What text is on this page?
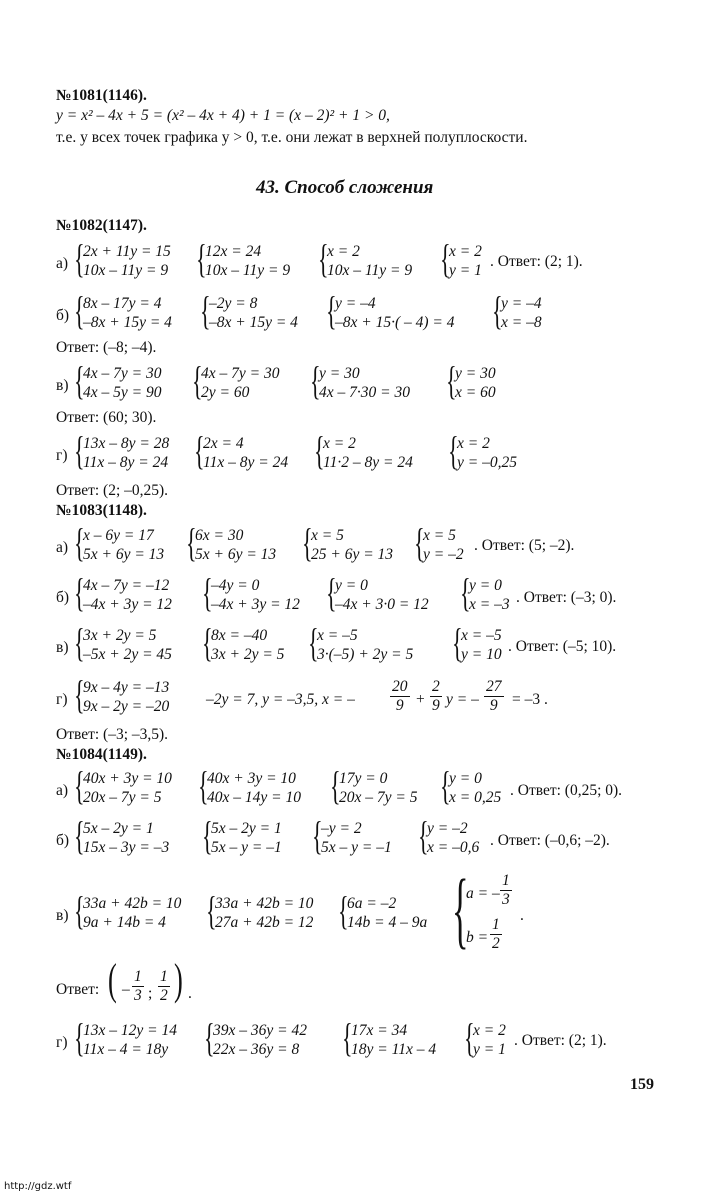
№1081(1146).
y = x² – 4x + 5 = (x² – 4x + 4) + 1 = (x – 2)² + 1 > 0,
т.е. у всех точек графика y > 0, т.е. они лежат в верхней полуплоскости.
43. Способ сложения
№1082(1147).
а) {
2x + 11y = 15
10x – 11y = 9 {
12x = 24
10x – 11y = 9 {
x = 2
10x – 11y = 9 {
x = 2
y = 1
. Ответ: (2; 1).
б) {
8x – 17y = 4
–8x + 15y = 4 {
–2y = 8
–8x + 15y = 4 {
y = –4
–8x + 15·( – 4) = 4 {
y = –4
x = –8
Ответ: (–8; –4).
в) {
4x – 7y = 30
4x – 5y = 90 {
4x – 7y = 30
2y = 60	{
y = 30
4x – 7·30 = 30 {
y = 30
x = 60
Ответ: (60; 30).
г) {
13x – 8y = 28
11x – 8y = 24 {
2x = 4
11x – 8y = 24 {
x = 2
11·2 – 8y = 24 {
x = 2
y = –0,25
Ответ: (2; –0,25).
№1083(1148).
а) {
x – 6y = 17
5x + 6y = 13 {
6x = 30
5x + 6y = 13 {
x = 5
25 + 6y = 13 {
x = 5
y = –2
. Ответ: (5; –2).
б) {
4x – 7y = –12
–4x + 3y = 12 {
–4y = 0
–4x + 3y = 12 {
y = 0
–4x + 3·0 = 12 {
y = 0
x = –3 . Ответ: (–3; 0).
в) {
3x + 2y = 5
–5x + 2y = 45 {
8x = –40
3x + 2y = 5 {
x = –5
3·(–5) + 2y = 5 {
x = –5
y = 10 . Ответ: (–5; 10).
г) {
9x – 4y = –13
9x – 2y = –20 –2y = 7, y = –3,5, x = – $\frac{20}{9} + \frac{2}{9}$ y = – $\frac{27}{9} = -3$ .
Ответ: (–3; –3,5).
№1084(1149).
а) {
40x + 3y = 10
20x – 7y = 5 {
40x + 3y = 10
40x – 14y = 10 {
17y = 0
20x – 7y = 5 {
y = 0
x = 0,25 . Ответ: (0,25; 0).
б) {
5x – 2y = 1
15x – 3y = –3 {
5x – 2y = 1
5x – y = –1 {
–y = 2
5x – y = –1 {
y = –2
x = –0,6 . Ответ: (–0,6; –2).
в) {
33a + 42b = 10
9a + 14b = 4	{
33a + 42b = 10
27a + 42b = 12 {
6a = –2
14b = 4 – 9a {
a = – $\frac{1}{3}$
.
$b = \frac{1}{2}$
Ответ: ( – $\frac{1}{3}$ ; $\frac{1}{2}$ ) .
г) {
13x – 12y = 14
11x – 4 = 18y {
39x – 36y = 42
22x – 36y = 8 {
17x = 34
18y = 11x – 4 {
x = 2
y = 1
. Ответ: (2; 1).
159
http://gdz.wtf
